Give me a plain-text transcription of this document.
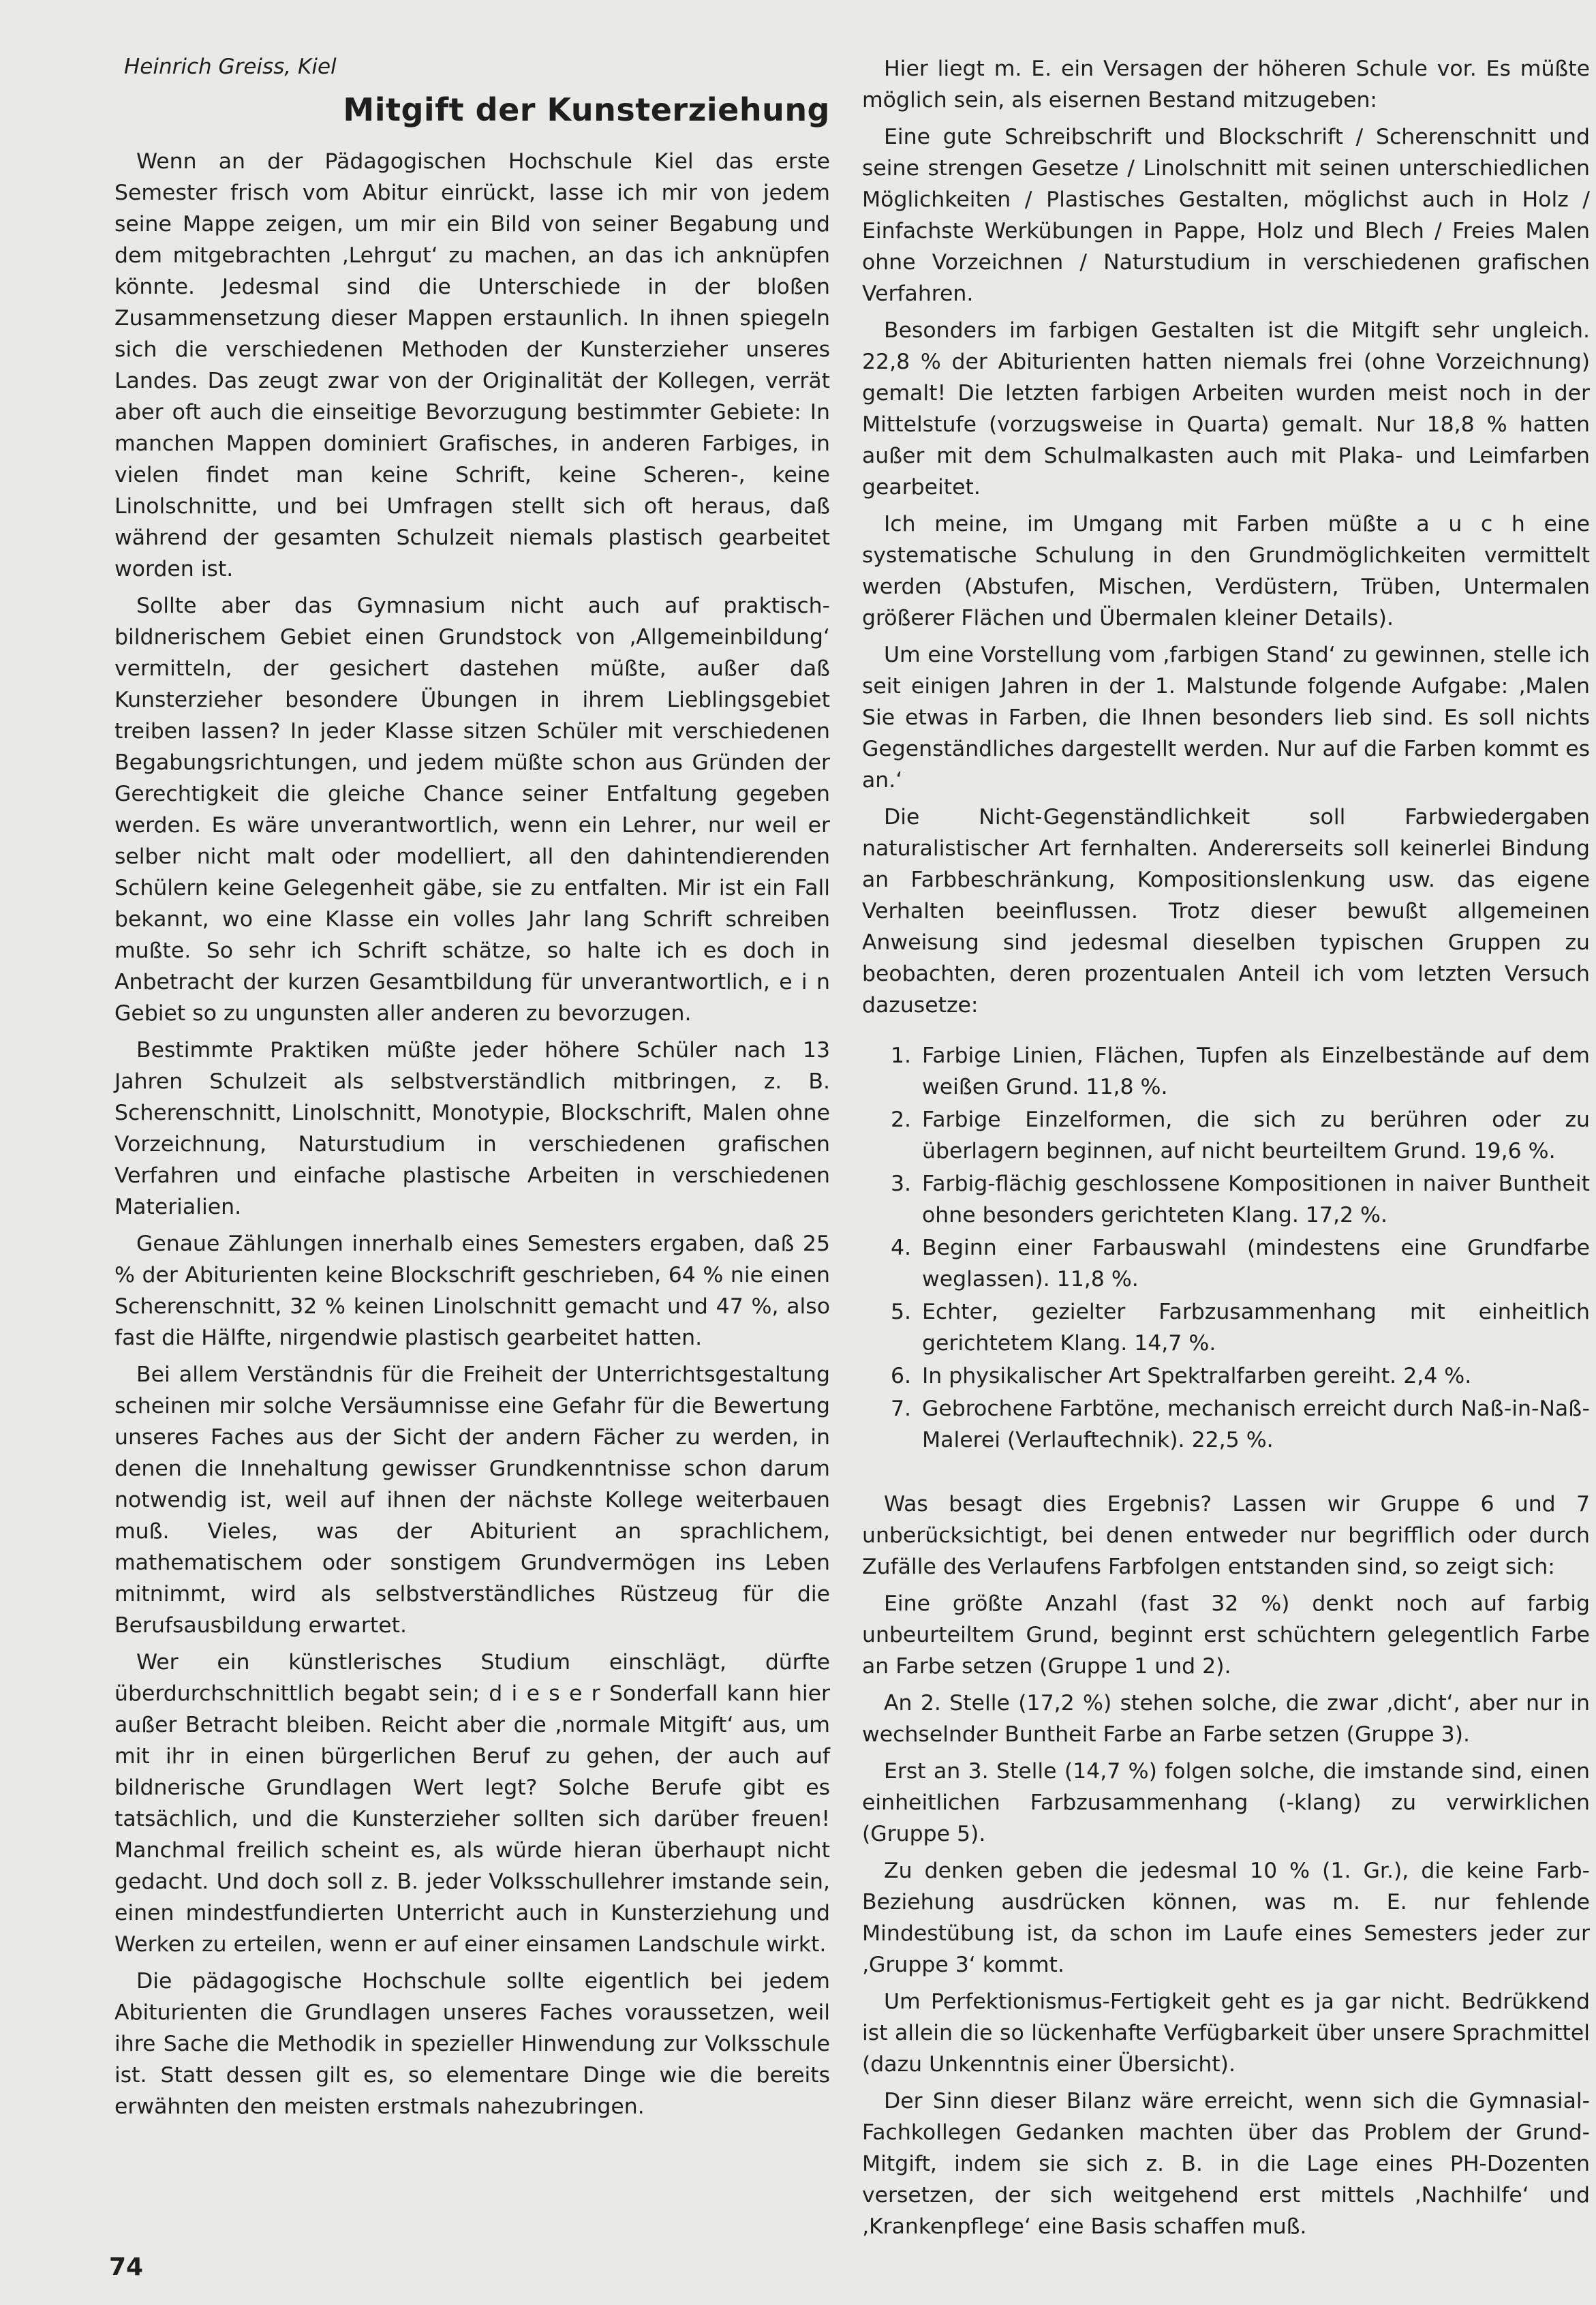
Heinrich Greiss, Kiel
Mitgift der Kunsterziehung

Wenn an der Pädagogischen Hochschule Kiel das erste Semester frisch vom Abitur einrückt, lasse ich mir von jedem seine Mappe zeigen, um mir ein Bild von seiner Begabung und dem mitgebrachten ‚Lehrgut‘ zu machen, an das ich anknüpfen könnte. Jedesmal sind die Unterschiede in der bloßen Zusammensetzung dieser Mappen erstaunlich. In ihnen spiegeln sich die verschiedenen Methoden der Kunsterzieher unseres Landes. Das zeugt zwar von der Originalität der Kollegen, verrät aber oft auch die einseitige Bevorzugung bestimmter Gebiete: In manchen Mappen dominiert Grafisches, in anderen Farbiges, in vielen findet man keine Schrift, keine Scheren-, keine Linolschnitte, und bei Umfragen stellt sich oft heraus, daß während der gesamten Schulzeit niemals plastisch gearbeitet worden ist.

Sollte aber das Gymnasium nicht auch auf praktisch-bildnerischem Gebiet einen Grundstock von ‚Allgemeinbildung‘ vermitteln, der gesichert dastehen müßte, außer daß Kunsterzieher besondere Übungen in ihrem Lieblingsgebiet treiben lassen? In jeder Klasse sitzen Schüler mit verschiedenen Begabungsrichtungen, und jedem müßte schon aus Gründen der Gerechtigkeit die gleiche Chance seiner Entfaltung gegeben werden. Es wäre unverantwortlich, wenn ein Lehrer, nur weil er selber nicht malt oder modelliert, all den dahintendierenden Schülern keine Gelegenheit gäbe, sie zu entfalten. Mir ist ein Fall bekannt, wo eine Klasse ein volles Jahr lang Schrift schreiben mußte. So sehr ich Schrift schätze, so halte ich es doch in Anbetracht der kurzen Gesamtbildung für unverantwortlich, e i n Gebiet so zu ungunsten aller anderen zu bevorzugen.

Bestimmte Praktiken müßte jeder höhere Schüler nach 13 Jahren Schulzeit als selbstverständlich mitbringen, z. B. Scherenschnitt, Linolschnitt, Monotypie, Blockschrift, Malen ohne Vorzeichnung, Naturstudium in verschiedenen grafischen Verfahren und einfache plastische Arbeiten in verschiedenen Materialien.

Genaue Zählungen innerhalb eines Semesters ergaben, daß 25 % der Abiturienten keine Blockschrift geschrieben, 64 % nie einen Scherenschnitt, 32 % keinen Linolschnitt gemacht und 47 %, also fast die Hälfte, nirgendwie plastisch gearbeitet hatten.

Bei allem Verständnis für die Freiheit der Unterrichtsgestaltung scheinen mir solche Versäumnisse eine Gefahr für die Bewertung unseres Faches aus der Sicht der andern Fächer zu werden, in denen die Innehaltung gewisser Grundkenntnisse schon darum notwendig ist, weil auf ihnen der nächste Kollege weiterbauen muß. Vieles, was der Abiturient an sprachlichem, mathematischem oder sonstigem Grundvermögen ins Leben mitnimmt, wird als selbstverständliches Rüstzeug für die Berufsausbildung erwartet.

Wer ein künstlerisches Studium einschlägt, dürfte überdurchschnittlich begabt sein; d i e s e r Sonderfall kann hier außer Betracht bleiben. Reicht aber die ‚normale Mitgift‘ aus, um mit ihr in einen bürgerlichen Beruf zu gehen, der auch auf bildnerische Grundlagen Wert legt? Solche Berufe gibt es tatsächlich, und die Kunsterzieher sollten sich darüber freuen! Manchmal freilich scheint es, als würde hieran überhaupt nicht gedacht. Und doch soll z. B. jeder Volksschullehrer imstande sein, einen mindestfundierten Unterricht auch in Kunsterziehung und Werken zu erteilen, wenn er auf einer einsamen Landschule wirkt.

Die pädagogische Hochschule sollte eigentlich bei jedem Abiturienten die Grundlagen unseres Faches voraussetzen, weil ihre Sache die Methodik in spezieller Hinwendung zur Volksschule ist. Statt dessen gilt es, so elementare Dinge wie die bereits erwähnten den meisten erstmals nahezubringen.

Hier liegt m. E. ein Versagen der höheren Schule vor. Es müßte möglich sein, als eisernen Bestand mitzugeben:

Eine gute Schreibschrift und Blockschrift / Scherenschnitt und seine strengen Gesetze / Linolschnitt mit seinen unterschiedlichen Möglichkeiten / Plastisches Gestalten, möglichst auch in Holz / Einfachste Werkübungen in Pappe, Holz und Blech / Freies Malen ohne Vorzeichnen / Naturstudium in verschiedenen grafischen Verfahren.

Besonders im farbigen Gestalten ist die Mitgift sehr ungleich. 22,8 % der Abiturienten hatten niemals frei (ohne Vorzeichnung) gemalt! Die letzten farbigen Arbeiten wurden meist noch in der Mittelstufe (vorzugsweise in Quarta) gemalt. Nur 18,8 % hatten außer mit dem Schulmalkasten auch mit Plaka- und Leimfarben gearbeitet.

Ich meine, im Umgang mit Farben müßte a u c h eine systematische Schulung in den Grundmöglichkeiten vermittelt werden (Abstufen, Mischen, Verdüstern, Trüben, Untermalen größerer Flächen und Übermalen kleiner Details).

Um eine Vorstellung vom ‚farbigen Stand‘ zu gewinnen, stelle ich seit einigen Jahren in der 1. Malstunde folgende Aufgabe: ‚Malen Sie etwas in Farben, die Ihnen besonders lieb sind. Es soll nichts Gegenständliches dargestellt werden. Nur auf die Farben kommt es an.‘

Die Nicht-Gegenständlichkeit soll Farbwiedergaben naturalistischer Art fernhalten. Andererseits soll keinerlei Bindung an Farbbeschränkung, Kompositionslenkung usw. das eigene Verhalten beeinflussen. Trotz dieser bewußt allgemeinen Anweisung sind jedesmal dieselben typischen Gruppen zu beobachten, deren prozentualen Anteil ich vom letzten Versuch dazusetze:

1. Farbige Linien, Flächen, Tupfen als Einzelbestände auf dem weißen Grund. 11,8 %.
2. Farbige Einzelformen, die sich zu berühren oder zu überlagern beginnen, auf nicht beurteiltem Grund. 19,6 %.
3. Farbig-flächig geschlossene Kompositionen in naiver Buntheit ohne besonders gerichteten Klang. 17,2 %.
4. Beginn einer Farbauswahl (mindestens eine Grundfarbe weglassen). 11,8 %.
5. Echter, gezielter Farbzusammenhang mit einheitlich gerichtetem Klang. 14,7 %.
6. In physikalischer Art Spektralfarben gereiht. 2,4 %.
7. Gebrochene Farbtöne, mechanisch erreicht durch Naß-in-Naß-Malerei (Verlauftechnik). 22,5 %.

Was besagt dies Ergebnis? Lassen wir Gruppe 6 und 7 unberücksichtigt, bei denen entweder nur begrifflich oder durch Zufälle des Verlaufens Farbfolgen entstanden sind, so zeigt sich:

Eine größte Anzahl (fast 32 %) denkt noch auf farbig unbeurteiltem Grund, beginnt erst schüchtern gelegentlich Farbe an Farbe setzen (Gruppe 1 und 2).

An 2. Stelle (17,2 %) stehen solche, die zwar ‚dicht‘, aber nur in wechselnder Buntheit Farbe an Farbe setzen (Gruppe 3).

Erst an 3. Stelle (14,7 %) folgen solche, die imstande sind, einen einheitlichen Farbzusammenhang (-klang) zu verwirklichen (Gruppe 5).

Zu denken geben die jedesmal 10 % (1. Gr.), die keine Farb-Beziehung ausdrücken können, was m. E. nur fehlende Mindestübung ist, da schon im Laufe eines Semesters jeder zur ‚Gruppe 3‘ kommt.

Um Perfektionismus-Fertigkeit geht es ja gar nicht. Bedrükkend ist allein die so lückenhafte Verfügbarkeit über unsere Sprachmittel (dazu Unkenntnis einer Übersicht).

Der Sinn dieser Bilanz wäre erreicht, wenn sich die Gymnasial-Fachkollegen Gedanken machten über das Problem der Grund-Mitgift, indem sie sich z. B. in die Lage eines PH-Dozenten versetzen, der sich weitgehend erst mittels ‚Nachhilfe‘ und ‚Krankenpflege‘ eine Basis schaffen muß.

74
